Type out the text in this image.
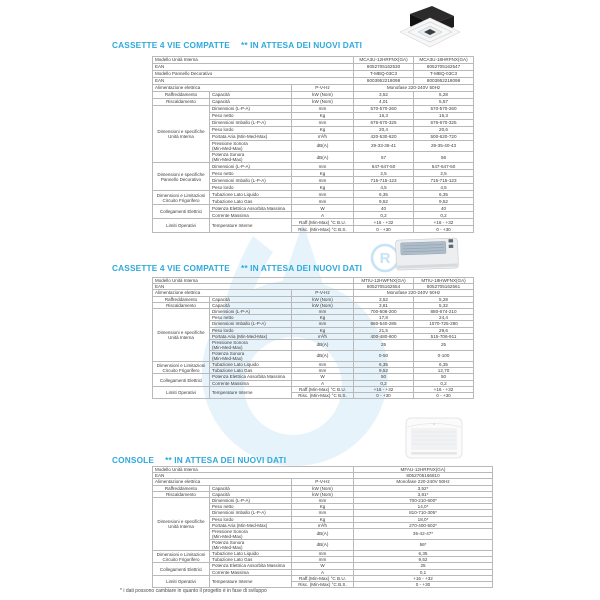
R
CASSETTE 4 VIE COMPATTE ** IN ATTESA DEI NUOVI DATI
Modello Unità Interna			MCA3U-12HRFNX(GA)	MCA3U-18HRFNX(GA)
EAN			8052705162530	8052705162547
Modello Pannello Decorativo			T-MBQ-03C3	T-MBQ-03C3
EAN			8003952218098	8003952218098
Alimentazione elettrica		P-V-Hz	Monofase 220-240V 50Hz	
Raffreddamento	Capacità	kW (Nom)	3,52	5,28
Riscaldamento	Capacità	kW (Nom)	4,01	5,57
Dimensioni e specifiche Unità Interna	Dimensioni (L-P-A)	mm	570-570-260	570-570-260
	Peso netto	Kg	16,3	16,3
	Dimensioni Imballo (L-P-A)	mm	676-670-325	676-670-325
	Peso lordo	Kg	20,4	20,6
	Portata Aria (Min-Med-Max)	m³/h	420-530-620	500-620-720
	Pressione Sonora
(Min-Med-Max)	dB(A)	29-33-36-41	29-35-40-43
	Potenza Sonora
(Min-Med-Max)	dB(A)	57	56
Dimensioni e specifiche Pannello Decorativo	Dimensioni (L-P-A)	mm	647-647-50	647-647-50
	Peso netto	Kg	2,5	2,5
	Dimensioni Imballo (L-P-A)	mm	715-715-123	715-715-123
	Peso lordo	Kg	4,5	4,5
Dimensioni e Limitazioni Circuito Frigorifero	Tubazione Lato Liquido	mm	6,35	6,35
	Tubazione Lato Gas	mm	9,52	9,52
Collegamenti Elettrici	Potenza Elettrica Assorbita Massima	W	40	40
	Corrente Massima	A	0,2	0,2
Limiti Operativi	Temperature Interne	Raff.(Min-Max) °C B.U.	+16 - +32	+16 - +32
		Risc. (Min-Max) °C B.S.	0 - +30	0 - +30
CASSETTE 4 VIE COMPATTE ** IN ATTESA DEI NUOVI DATI
Modello Unità Interna			MTIU-12HWFNX(GA)	MTIU-18HWFNX(GA)
EAN			8052705162554	8052705162561
Alimentazione elettrica		P-V-Hz	Monofase 220-240V 50Hz	
Raffreddamento	Capacità	kW (Nom)	3,52	5,28
Riscaldamento	Capacità	kW (Nom)	3,81	5,32
Dimensioni e specifiche Unità Interna	Dimensioni (L-P-A)	mm	700-506-200	880-674-210
	Peso netto	Kg	17,8	24,4
	Dimensioni Imballo (L-P-A)	mm	860-540-285	1070-725-280
	Peso lordo	Kg	21,5	29,6
	Portata Aria (Min-Med-Max)	m³/h	400-480-600	515-706-911
	Pressione Sonora
(Min-Med-Max)	dB(A)	25	25
	Potenza Sonora
(Min-Med-Max)	dB(A)	0-50	0-100
Dimensioni e Limitazioni Circuito Frigorifero	Tubazione Lato Liquido	mm	6,35	6,35
	Tubazione Lato Gas	mm	9,52	12,70
Collegamenti Elettrici	Potenza Elettrica Assorbita Massima	W	50	50
	Corrente Massima	A	0,2	0,2
Limiti Operativi	Temperature Interne	Raff.(Min-Max) °C B.U.	+16 - +32	+16 - +32
		Risc. (Min-Max) °C B.S.	0 - +30	0 - +30
CONSOLE ** IN ATTESA DEI NUOVI DATI
Modello Unità Interna			MFAU-12HRFNX(GA)
EAN			8052705166810
Alimentazione elettrica		P-V-Hz	Monofase 220-240V 50Hz
Raffreddamento	Capacità	kW (Nom)	3,52*
Riscaldamento	Capacità	kW (Nom)	3,81*
Dimensioni e specifiche Unità Interna	Dimensioni (L-P-A)	mm	700-210-600*
	Peso netto	Kg	14,0*
	Dimensioni Imballo (L-P-A)	mm	810-710-305*
	Peso lordo	Kg	18,0*
	Portata Aria (Min-Med-Max)	m³/h	270-400-502*
	Pressione Sonora
(Min-Med-Max)	dB(A)	35-42-47*
	Potenza Sonora
(Min-Med-Max)	dB(A)	56*
Dimensioni e Limitazioni Circuito Frigorifero	Tubazione Lato Liquido	mm	6,35
	Tubazione Lato Gas	mm	9,52
Collegamenti Elettrici	Potenza Elettrica Assorbita Massima	W	25
	Corrente Massima	A	0,1
Limiti Operativi	Temperature Interne	Raff.(Min-Max) °C B.U.	+16 - +32
		Risc. (Min-Max) °C B.S.	0 - +30
* i dati possono cambiare in quanto il progetto è in fase di sviluppo
